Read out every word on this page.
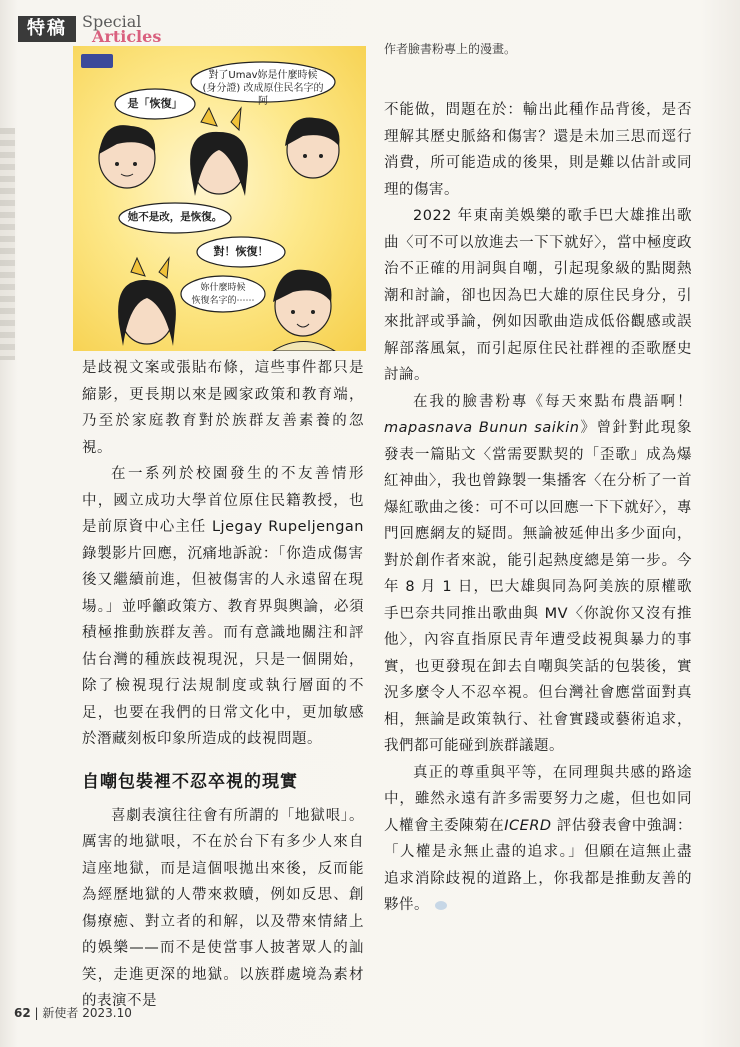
特稿 Special
Articles
作者臉書粉專上的漫畫。
對了Umav妳是什麼時候
(身分證) 改成原住民名字的阿
是「恢復」
她不是改，是恢復。
對！恢復！
妳什麼時候
恢復名字的⋯⋯

是歧視文案或張貼布條，這些事件都只是縮影，更長期以來是國家政策和教育端，乃至於家庭教育對於族群友善素養的忽視。

在一系列於校園發生的不友善情形中，國立成功大學首位原住民籍教授，也是前原資中心主任 Ljegay Rupeljengan 錄製影片回應，沉痛地訴說：「你造成傷害後又繼續前進，但被傷害的人永遠留在現場。」並呼籲政策方、教育界與輿論，必須積極推動族群友善。而有意識地關注和評估台灣的種族歧視現況，只是一個開始，除了檢視現行法規制度或執行層面的不足，也要在我們的日常文化中，更加敏感於潛藏刻板印象所造成的歧視問題。

自嘲包裝裡不忍卒視的現實

喜劇表演往往會有所謂的「地獄哏」。厲害的地獄哏，不在於台下有多少人來自這座地獄，而是這個哏拋出來後，反而能為經歷地獄的人帶來救贖，例如反思、創傷療癒、對立者的和解，以及帶來情緒上的娛樂——而不是使當事人披著眾人的訕笑，走進更深的地獄。以族群處境為素材的表演不是

不能做，問題在於：輸出此種作品背後，是否理解其歷史脈絡和傷害？還是未加三思而逕行消費，所可能造成的後果，則是難以估計或同理的傷害。

2022 年東南美娛樂的歌手巴大雄推出歌曲〈可不可以放進去一下下就好〉，當中極度政治不正確的用詞與自嘲，引起現象級的點閱熱潮和討論，卻也因為巴大雄的原住民身分，引來批評或爭論，例如因歌曲造成低俗觀感或誤解部落風氣，而引起原住民社群裡的歪歌歷史討論。

在我的臉書粉專《每天來點布農語啊！mapasnava Bunun saikin》曾針對此現象發表一篇貼文〈當需要默契的「歪歌」成為爆紅神曲〉，我也曾錄製一集播客〈在分析了一首爆紅歌曲之後：可不可以回應一下下就好〉，專門回應網友的疑問。無論被延伸出多少面向，對於創作者來說，能引起熱度總是第一步。今年 8 月 1 日，巴大雄與同為阿美族的原權歌手巴奈共同推出歌曲與 MV〈你說你又沒有推他〉，內容直指原民青年遭受歧視與暴力的事實，也更發現在卸去自嘲與笑話的包裝後，實況多麼令人不忍卒視。但台灣社會應當面對真相，無論是政策執行、社會實踐或藝術追求，我們都可能碰到族群議題。

真正的尊重與平等，在同理與共感的路途中，雖然永遠有許多需要努力之處，但也如同人權會主委陳菊在ICERD 評估發表會中強調：「人權是永無止盡的追求。」但願在這無止盡追求消除歧視的道路上，你我都是推動友善的夥伴。

62 | 新使者 2023.10
